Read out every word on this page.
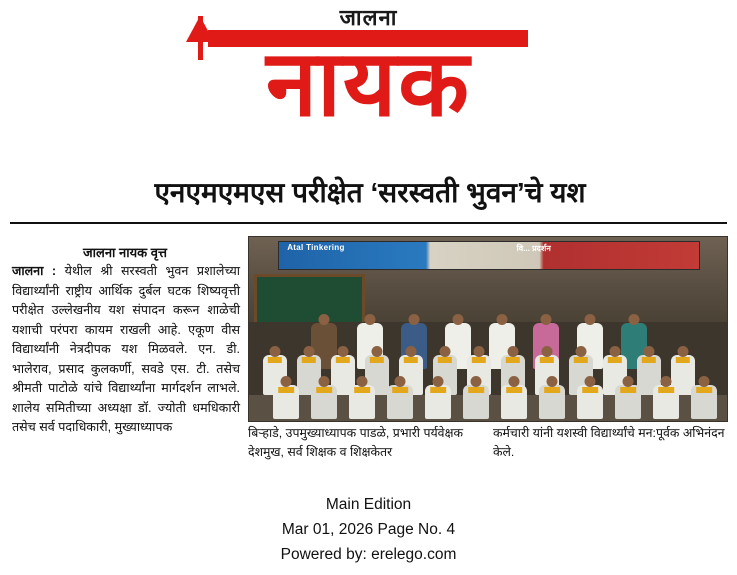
जालना
नायक
एनएमएमएस परीक्षेत ‘सरस्वती भुवन’चे यश
जालना नायक वृत्त
जालना : येथील श्री सरस्वती भुवन प्रशालेच्या विद्यार्थ्यांनी राष्ट्रीय आर्थिक दुर्बल घटक शिष्यवृत्ती परीक्षेत उल्लेखनीय यश संपादन करून शाळेची यशाची परंपरा कायम राखली आहे. एकूण वीस विद्यार्थ्यांनी नेत्रदीपक यश मिळवले. एन. डी. भालेराव, प्रसाद कुलकर्णी, सवडे एस. टी. तसेच श्रीमती पाटोळे यांचे विद्यार्थ्यांना मार्गदर्शन लाभले. शालेय समितीच्या अध्यक्षा डॉ. ज्योती धमधिकारी तसेच सर्व पदाधिकारी, मुख्याध्यापक
Atal Tinkering	वि... प्रदर्शन
बिऱ्हाडे, उपमुख्याध्यापक पाडळे, प्रभारी पर्यवेक्षक देशमुख, सर्व शिक्षक व शिक्षकेतर
कर्मचारी यांनी यशस्वी विद्यार्थ्यांचे मन:पूर्वक अभिनंदन केले.
Main Edition
Mar 01, 2026 Page No. 4
Powered by: erelego.com
